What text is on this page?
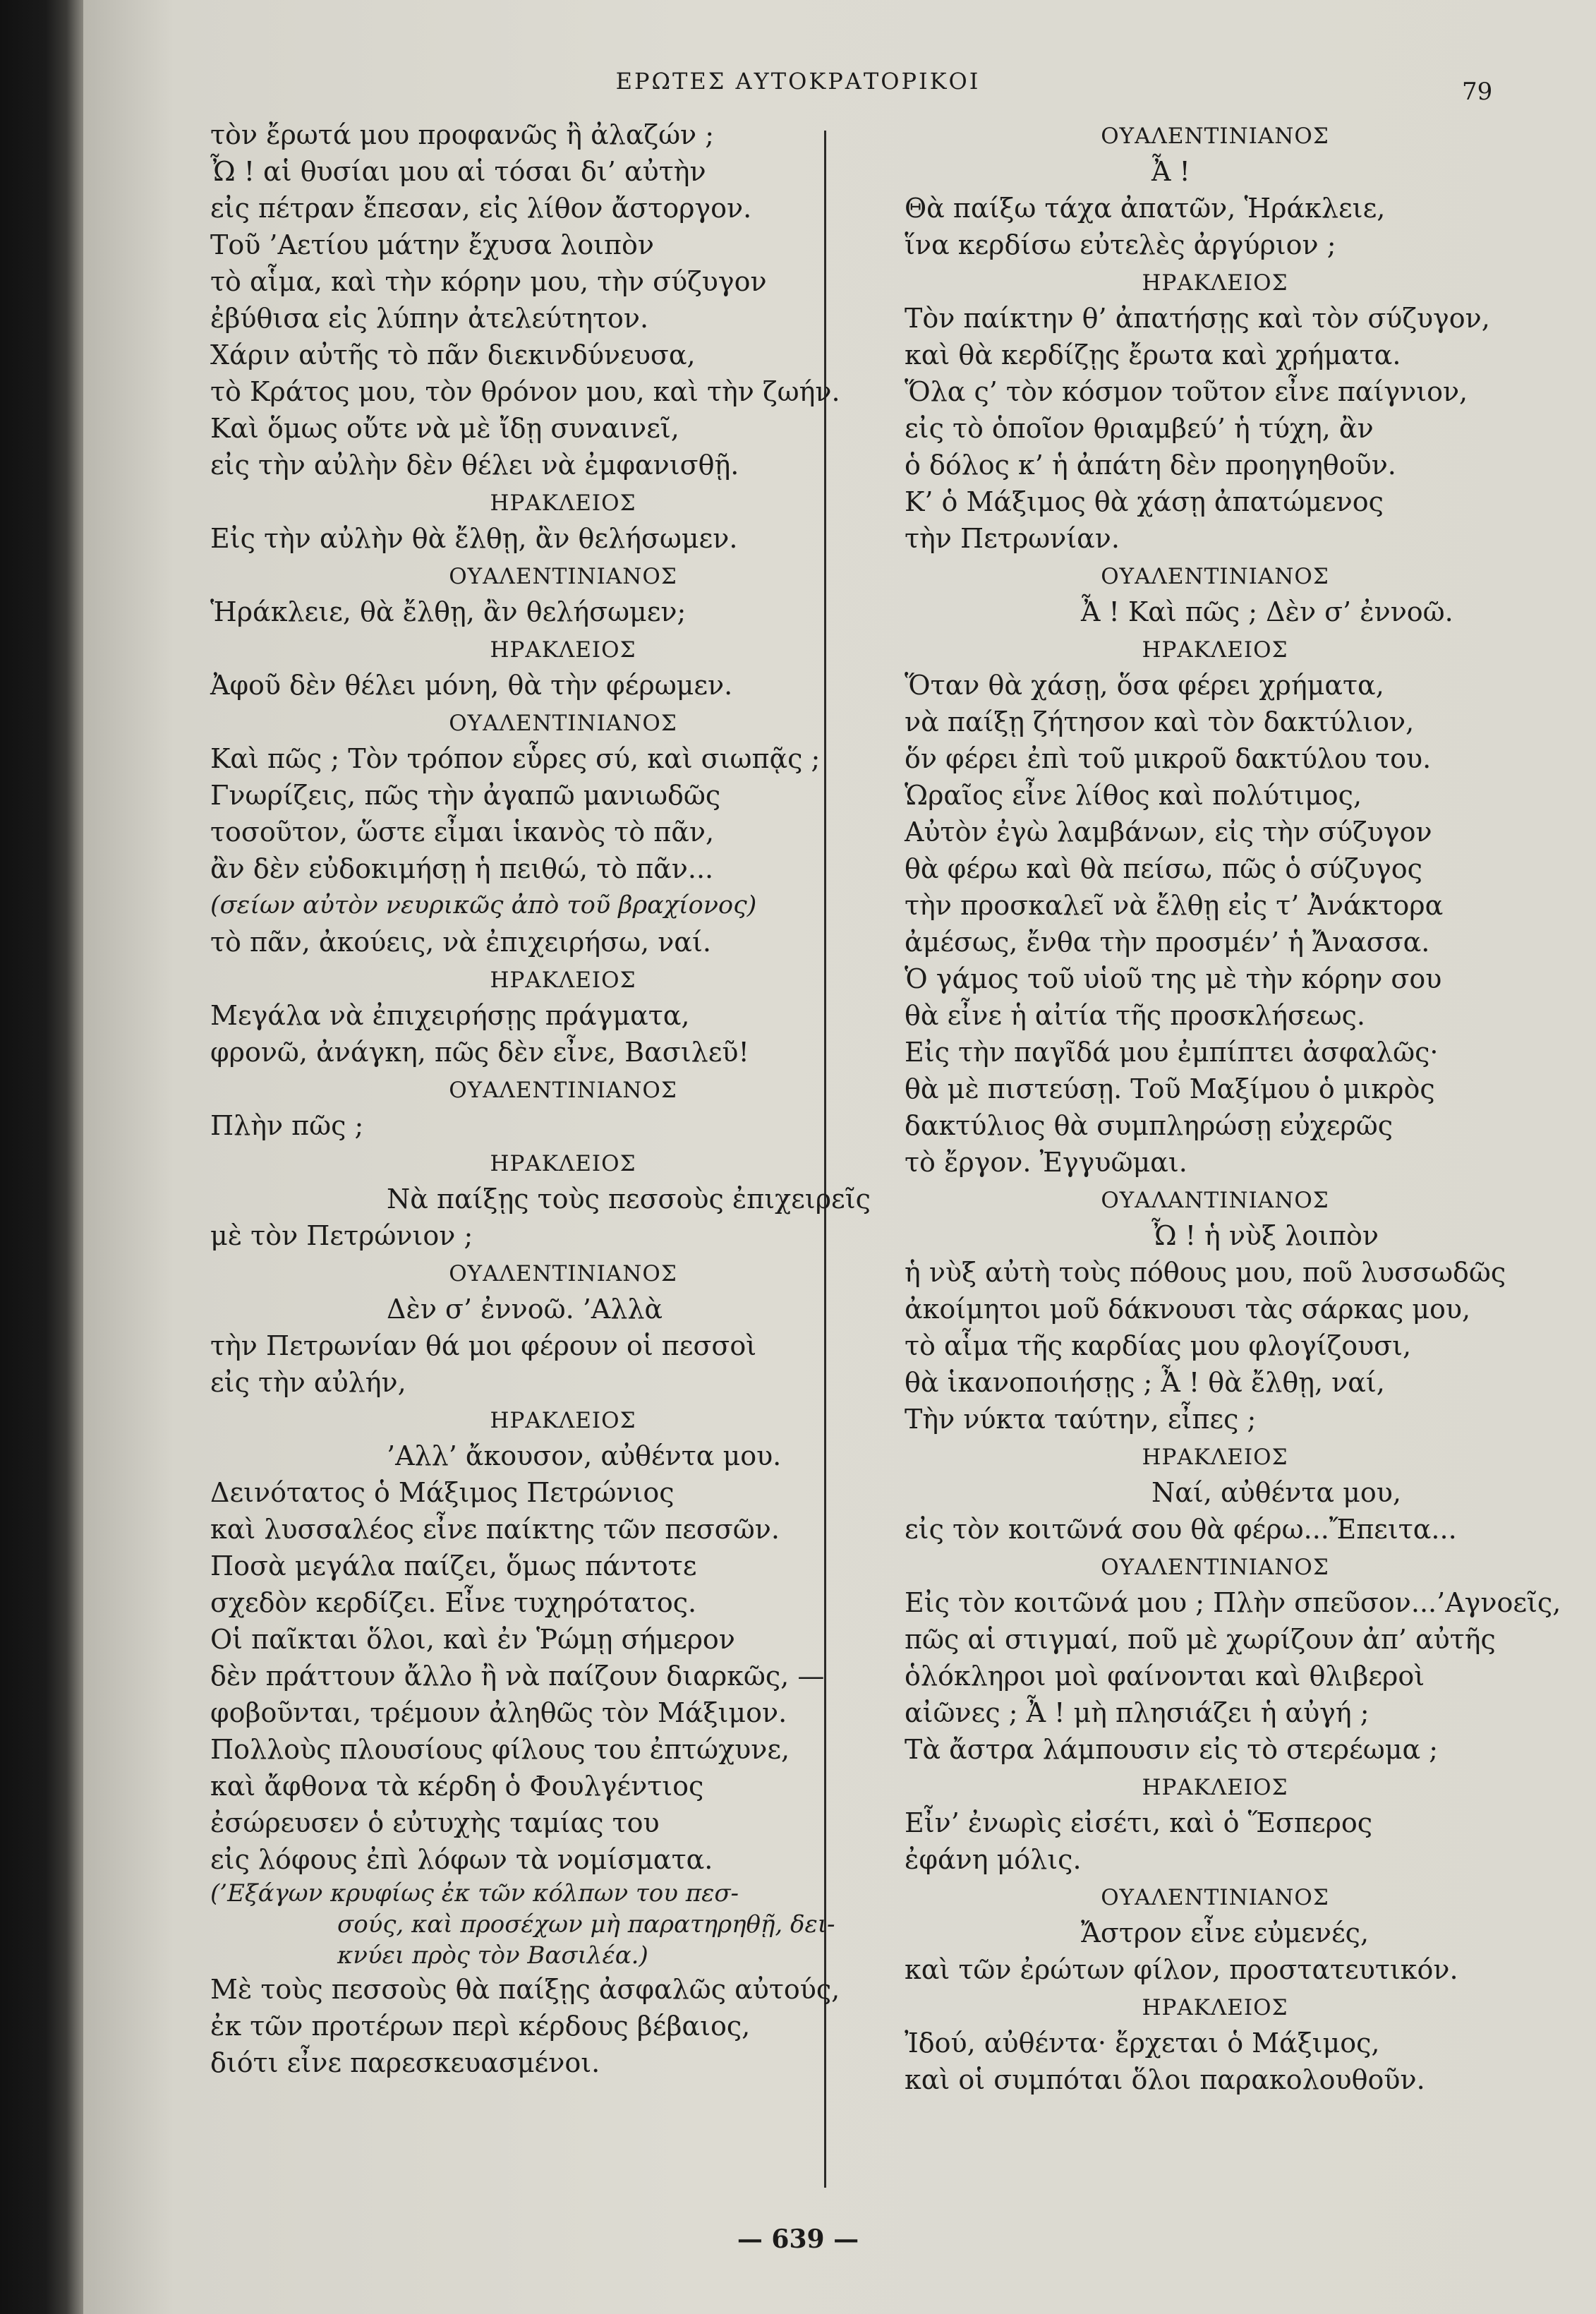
ΕΡΩΤΕΣ ΑΥΤΟΚΡΑΤΟΡΙΚΟΙ	79
τὸν ἔρωτά μου προφανῶς ἢ ἀλαζών ;
Ὦ ! αἱ θυσίαι μου αἱ τόσαι δι’ αὐτὴν
εἰς πέτραν ἔπεσαν, εἰς λίθον ἄστοργον.
Τοῦ ’Αετίου μάτην ἔχυσα λοιπὸν
τὸ αἷμα, καὶ τὴν κόρην μου, τὴν σύζυγον
ἐβύθισα εἰς λύπην ἀτελεύτητον.
Χάριν αὐτῆς τὸ πᾶν διεκινδύνευσα,
τὸ Κράτος μου, τὸν θρόνον μου, καὶ τὴν ζωήν.
Καὶ ὅμως οὔτε νὰ μὲ ἴδῃ συναινεῖ,
εἰς τὴν αὐλὴν δὲν θέλει νὰ ἐμφανισθῇ.
ΗΡΑΚΛΕΙΟΣ
Εἰς τὴν αὐλὴν θὰ ἔλθῃ, ἂν θελήσωμεν.
ΟΥΑΛΕΝΤΙΝΙΑΝΟΣ
Ἡράκλειε, θὰ ἔλθῃ, ἂν θελήσωμεν;
ΗΡΑΚΛΕΙΟΣ
Ἀφοῦ δὲν θέλει μόνη, θὰ τὴν φέρωμεν.
ΟΥΑΛΕΝΤΙΝΙΑΝΟΣ
Καὶ πῶς ; Τὸν τρόπον εὗρες σύ, καὶ σιωπᾷς ;
Γνωρίζεις, πῶς τὴν ἀγαπῶ μανιωδῶς
τοσοῦτον, ὥστε εἶμαι ἱκανὸς τὸ πᾶν,
ἂν δὲν εὐδοκιμήσῃ ἡ πειθώ, τὸ πᾶν...
(σείων αὐτὸν νευρικῶς ἀπὸ τοῦ βραχίονος)
τὸ πᾶν, ἀκούεις, νὰ ἐπιχειρήσω, ναί.
ΗΡΑΚΛΕΙΟΣ
Μεγάλα νὰ ἐπιχειρήσῃς πράγματα,
φρονῶ, ἀνάγκη, πῶς δὲν εἶνε, Βασιλεῦ!
ΟΥΑΛΕΝΤΙΝΙΑΝΟΣ
Πλὴν πῶς ;
ΗΡΑΚΛΕΙΟΣ
Νὰ παίξῃς τοὺς πεσσοὺς ἐπιχειρεῖς
μὲ τὸν Πετρώνιον ;
ΟΥΑΛΕΝΤΙΝΙΑΝΟΣ
Δὲν σ’ ἐννοῶ. ’Αλλὰ
τὴν Πετρωνίαν θά μοι φέρουν οἱ πεσσοὶ
εἰς τὴν αὐλήν,
ΗΡΑΚΛΕΙΟΣ
’Αλλ’ ἄκουσον, αὐθέντα μου.
Δεινότατος ὁ Μάξιμος Πετρώνιος
καὶ λυσσαλέος εἶνε παίκτης τῶν πεσσῶν.
Ποσὰ μεγάλα παίζει, ὅμως πάντοτε
σχεδὸν κερδίζει. Εἶνε τυχηρότατος.
Οἱ παῖκται ὅλοι, καὶ ἐν Ῥώμῃ σήμερον
δὲν πράττουν ἄλλο ἢ νὰ παίζουν διαρκῶς, —
φοβοῦνται, τρέμουν ἀληθῶς τὸν Μάξιμον.
Πολλοὺς πλουσίους φίλους του ἐπτώχυνε,
καὶ ἄφθονα τὰ κέρδη ὁ Φουλγέντιος
ἐσώρευσεν ὁ εὐτυχὴς ταμίας του
εἰς λόφους ἐπὶ λόφων τὰ νομίσματα.
(’Εξάγων κρυφίως ἐκ τῶν κόλπων του πεσ-
σούς, καὶ προσέχων μὴ παρατηρηθῇ, δει-
κνύει πρὸς τὸν Βασιλέα.)
Μὲ τοὺς πεσσοὺς θὰ παίξῃς ἀσφαλῶς αὐτούς,
ἐκ τῶν προτέρων περὶ κέρδους βέβαιος,
διότι εἶνε παρεσκευασμένοι.
ΟΥΑΛΕΝΤΙΝΙΑΝΟΣ
Ἆ !
Θὰ παίξω τάχα ἀπατῶν, Ἡράκλειε,
ἵνα κερδίσω εὐτελὲς ἀργύριον ;
ΗΡΑΚΛΕΙΟΣ
Τὸν παίκτην θ’ ἀπατήσῃς καὶ τὸν σύζυγον,
καὶ θὰ κερδίζῃς ἔρωτα καὶ χρήματα.
Ὅλα ς’ τὸν κόσμον τοῦτον εἶνε παίγνιον,
εἰς τὸ ὁποῖον θριαμβεύ’ ἡ τύχη, ἂν
ὁ δόλος κ’ ἡ ἀπάτη δὲν προηγηθοῦν.
Κ’ ὁ Μάξιμος θὰ χάσῃ ἀπατώμενος
τὴν Πετρωνίαν.
ΟΥΑΛΕΝΤΙΝΙΑΝΟΣ
Ἆ ! Καὶ πῶς ; Δὲν σ’ ἐννοῶ.
ΗΡΑΚΛΕΙΟΣ
Ὅταν θὰ χάσῃ, ὅσα φέρει χρήματα,
νὰ παίξῃ ζήτησον καὶ τὸν δακτύλιον,
ὅν φέρει ἐπὶ τοῦ μικροῦ δακτύλου του.
Ὡραῖος εἶνε λίθος καὶ πολύτιμος,
Αὐτὸν ἐγὼ λαμβάνων, εἰς τὴν σύζυγον
θὰ φέρω καὶ θὰ πείσω, πῶς ὁ σύζυγος
τὴν προσκαλεῖ νὰ ἔλθῃ εἰς τ’ Ἀνάκτορα
ἀμέσως, ἔνθα τὴν προσμέν’ ἡ Ἄνασσα.
Ὁ γάμος τοῦ υἱοῦ της μὲ τὴν κόρην σου
θὰ εἶνε ἡ αἰτία τῆς προσκλήσεως.
Εἰς τὴν παγῖδά μου ἐμπίπτει ἀσφαλῶς·
θὰ μὲ πιστεύσῃ. Τοῦ Μαξίμου ὁ μικρὸς
δακτύλιος θὰ συμπληρώσῃ εὐχερῶς
τὸ ἔργον. Ἐγγυῶμαι.
ΟΥΑΛΑΝΤΙΝΙΑΝΟΣ
Ὦ ! ἡ νὺξ λοιπὸν
ἡ νὺξ αὐτὴ τοὺς πόθους μου, ποῦ λυσσωδῶς
ἀκοίμητοι μοῦ δάκνουσι τὰς σάρκας μου,
τὸ αἷμα τῆς καρδίας μου φλογίζουσι,
θὰ ἱκανοποιήσῃς ; Ἆ ! θὰ ἔλθῃ, ναί,
Τὴν νύκτα ταύτην, εἶπες ;
ΗΡΑΚΛΕΙΟΣ
Ναί, αὐθέντα μου,
εἰς τὸν κοιτῶνά σου θὰ φέρω...Ἔπειτα...
ΟΥΑΛΕΝΤΙΝΙΑΝΟΣ
Εἰς τὸν κοιτῶνά μου ; Πλὴν σπεῦσον...’Αγνοεῖς,
πῶς αἱ στιγμαί, ποῦ μὲ χωρίζουν ἀπ’ αὐτῆς
ὁλόκληροι μοὶ φαίνονται καὶ θλιβεροὶ
αἰῶνες ; Ἆ ! μὴ πλησιάζει ἡ αὐγή ;
Τὰ ἄστρα λάμπουσιν εἰς τὸ στερέωμα ;
ΗΡΑΚΛΕΙΟΣ
Εἶν’ ἐνωρὶς εἰσέτι, καὶ ὁ Ἕσπερος
ἐφάνη μόλις.
ΟΥΑΛΕΝΤΙΝΙΑΝΟΣ
Ἄστρον εἶνε εὐμενές,
καὶ τῶν ἐρώτων φίλον, προστατευτικόν.
ΗΡΑΚΛΕΙΟΣ
Ἰδού, αὐθέντα· ἔρχεται ὁ Μάξιμος,
καὶ οἱ συμπόται ὅλοι παρακολουθοῦν.
— 639 —
